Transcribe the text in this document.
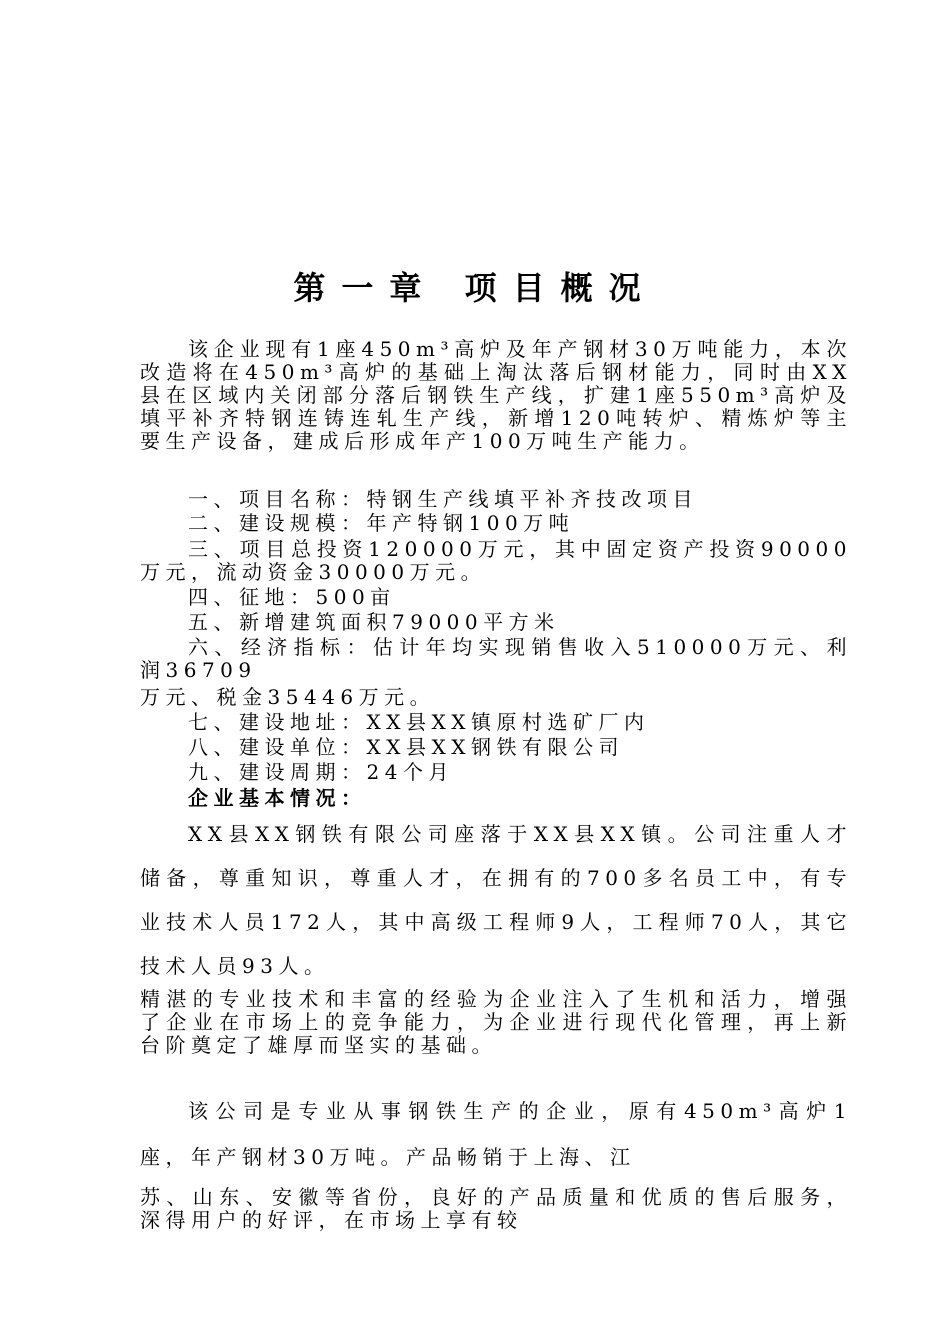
第一章 项目概况

该企业现有1座450m³高炉及年产钢材30万吨能力，本次改造将在450m³高炉的基础上淘汰落后钢材能力，同时由XX县在区域内关闭部分落后钢铁生产线，扩建1座550m³高炉及填平补齐特钢连铸连轧生产线，新增120吨转炉、精炼炉等主要生产设备，建成后形成年产100万吨生产能力。

一、项目名称：特钢生产线填平补齐技改项目
二、建设规模：年产特钢100万吨

三、项目总投资120000万元，其中固定资产投资90000万元，流动资金30000万元。

四、征地：500亩
五、新增建筑面积79000平方米

六、经济指标：估计年均实现销售收入510000万元、利润36709

万元、税金35446万元。
七、建设地址：XX县XX镇原村选矿厂内
八、建设单位：XX县XX钢铁有限公司
九、建设周期：24个月
企业基本情况：

XX县XX钢铁有限公司座落于XX县XX镇。公司注重人才储备，尊重知识，尊重人才，在拥有的700多名员工中，有专业技术人员172人，其中高级工程师9人，工程师70人，其它技术人员93人。

精湛的专业技术和丰富的经验为企业注入了生机和活力，增强了企业在市场上的竞争能力，为企业进行现代化管理，再上新台阶奠定了雄厚而坚实的基础。

该公司是专业从事钢铁生产的企业，原有450m³高炉1座，年产钢材30万吨。产品畅销于上海、江

苏、山东、安徽等省份，良好的产品质量和优质的售后服务，深得用户的好评，在市场上享有较
